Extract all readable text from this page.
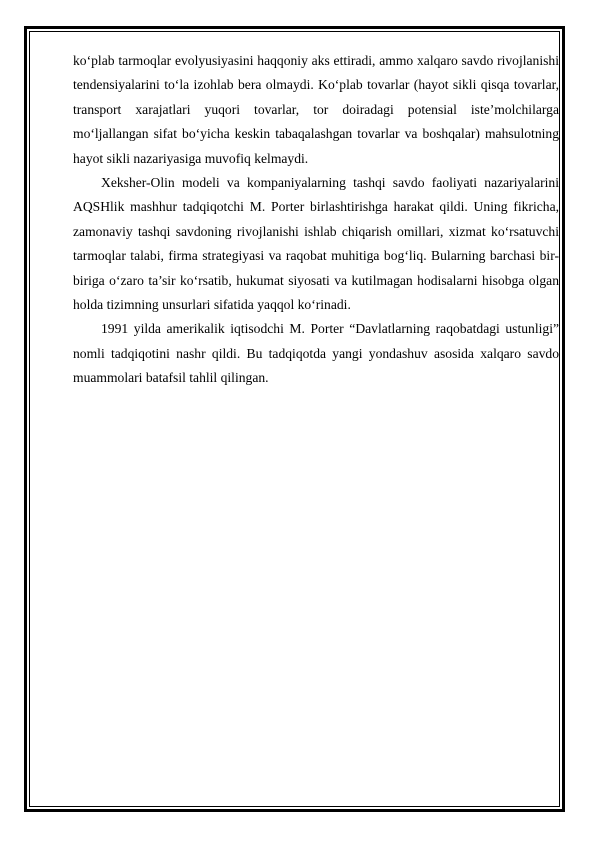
ko‘plab tarmoqlar evolyusiyasini haqqoniy aks ettiradi, ammo xalqaro savdo rivojlanishi tendensiyalarini to‘la izohlab bera olmaydi. Ko‘plab tovarlar (hayot sikli qisqa tovarlar, transport xarajatlari yuqori tovarlar, tor doiradagi potensial iste’molchilarga mo‘ljallangan sifat bo‘yicha keskin tabaqalashgan tovarlar va boshqalar) mahsulotning hayot sikli nazariyasiga muvofiq kelmaydi.

Xeksher-Olin modeli va kompaniyalarning tashqi savdo faoliyati nazariyalarini AQSHlik mashhur tadqiqotchi M. Porter birlashtirishga harakat qildi. Uning fikricha, zamonaviy tashqi savdoning rivojlanishi ishlab chiqarish omillari, xizmat ko‘rsatuvchi tarmoqlar talabi, firma strategiyasi va raqobat muhitiga bog‘liq. Bularning barchasi bir-biriga o‘zaro ta’sir ko‘rsatib, hukumat siyosati va kutilmagan hodisalarni hisobga olgan holda tizimning unsurlari sifatida yaqqol ko‘rinadi.

1991 yilda amerikalik iqtisodchi M. Porter “Davlatlarning raqobatdagi ustunligi” nomli tadqiqotini nashr qildi. Bu tadqiqotda yangi yondashuv asosida xalqaro savdo muammolari batafsil tahlil qilingan.
